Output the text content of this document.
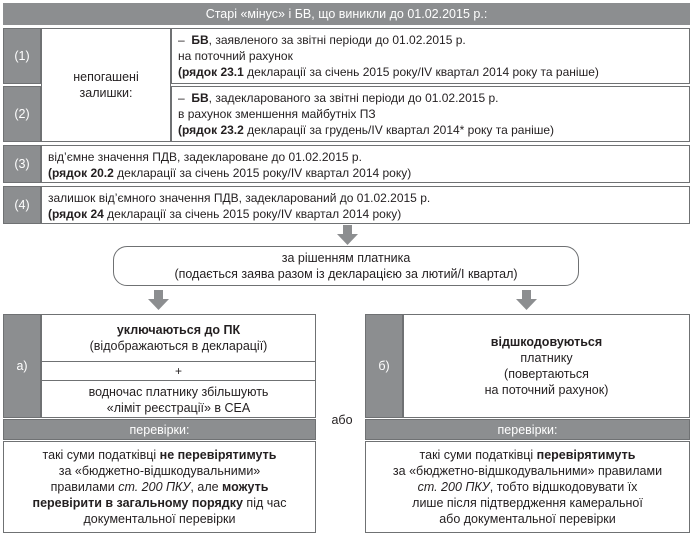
Старі «мінус» і БВ, що виникли до 01.02.2015 р.:
(1)
(2)
(3)
(4)
непогашені
залишки:
– БВ, заявленого за звітні періоди до 01.02.2015 р.
на поточний рахунок
(рядок 23.1 декларації за січень 2015 року/IV квартал 2014 року та раніше)
– БВ, задекларованого за звітні періоди до 01.02.2015 р.
в рахунок зменшення майбутніх ПЗ
(рядок 23.2 декларації за грудень/IV квартал 2014* року та раніше)
від’ємне значення ПДВ, задеклароване до 01.02.2015 р.
(рядок 20.2 декларації за січень 2015 року/IV квартал 2014 року)
залишок від’ємного значення ПДВ, задекларований до 01.02.2015 р.
(рядок 24 декларації за січень 2015 року/IV квартал 2014 року)
за рішенням платника
(подається заява разом із декларацією за лютий/I квартал)
а)
уключаються до ПК
(відображаються в декларації)
+
водночас платнику збільшують
«ліміт реєстрації» в СЕА
перевірки:
такі суми податківці не перевірятимуть
за «бюджетно-відшкодувальними»
правилами ст. 200 ПКУ, але можуть
перевірити в загальному порядку під час
документальної перевірки
або
б)
відшкодовуються
платнику
(повертаються
на поточний рахунок)
перевірки:
такі суми податківці перевірятимуть
за «бюджетно-відшкодувальними» правилами
ст. 200 ПКУ, тобто відшкодовувати їх
лише після підтвердження камеральної
або документальної перевірки
